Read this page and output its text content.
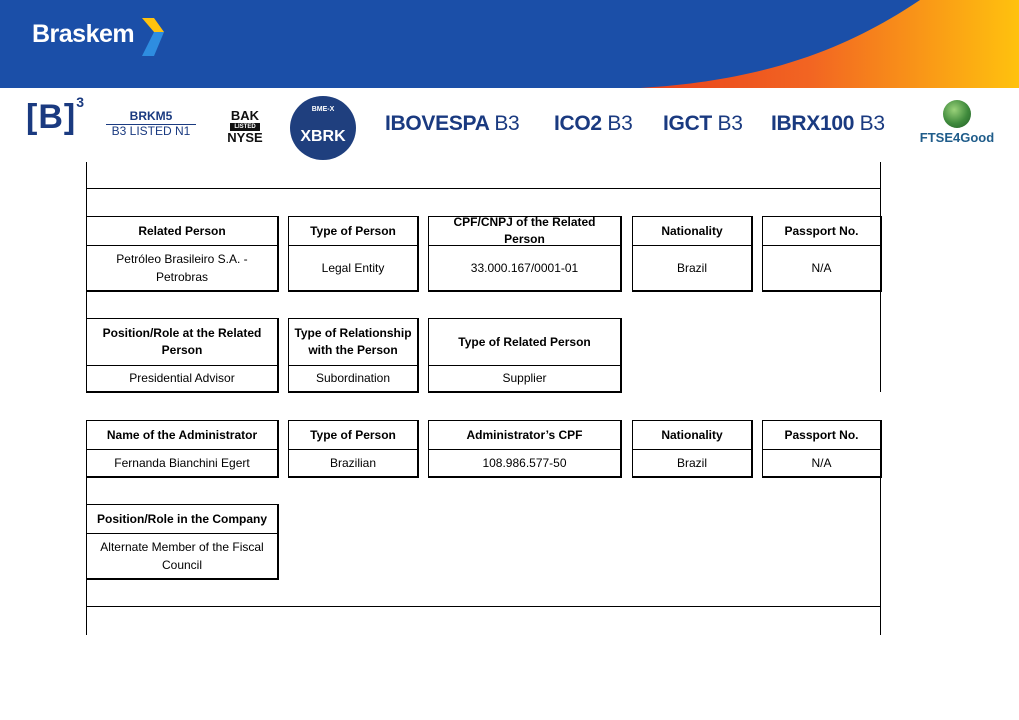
Braskem
$[B]^3$
BRKM5
B3 LISTED N1
BAK
LISTED
NYSE
BME-X
XBRK
IBOVESPA B3 ICO2 B3 IGCT B3 IBRX100 B3
FTSE4Good
Related Person
Petróleo Brasileiro S.A. - Petrobras
Type of Person
Legal Entity
CPF/CNPJ of the Related Person
33.000.167/0001-01
Nationality
Brazil
Passport No.
N/A
Position/Role at the Related Person
Presidential Advisor
Type of Relationship with the Person
Subordination
Type of Related Person
Supplier
Name of the Administrator
Fernanda Bianchini Egert
Type of Person
Brazilian
Administrator’s CPF
108.986.577-50
Nationality
Brazil
Passport No.
N/A
Position/Role in the Company
Alternate Member of the Fiscal Council
